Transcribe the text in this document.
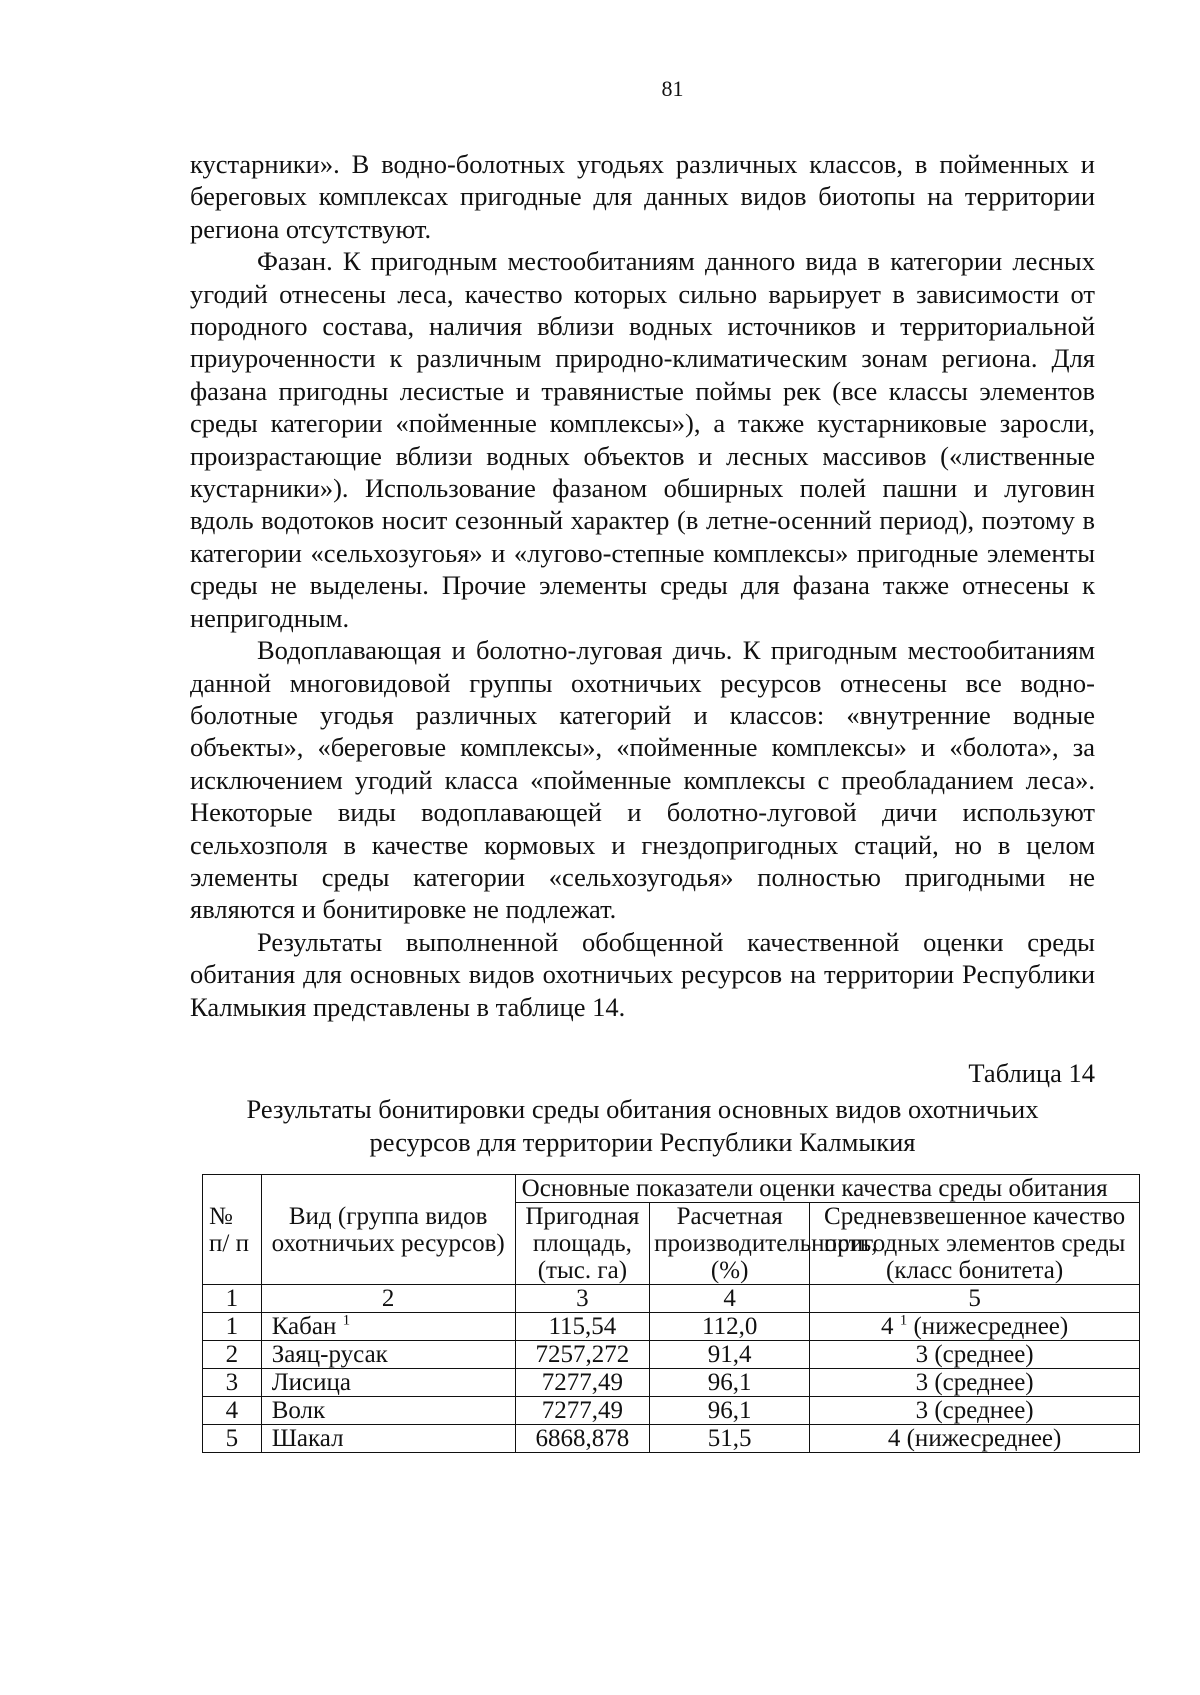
81

кустарники». В водно-болотных угодьях различных классов, в пойменных и береговых комплексах пригодные для данных видов биотопы на территории региона отсутствуют.

Фазан. К пригодным местообитаниям данного вида в категории лесных угодий отнесены леса, качество которых сильно варьирует в зависимости от породного состава, наличия вблизи водных источников и территориальной приуроченности к различным природно-климатическим зонам региона. Для фазана пригодны лесистые и травянистые поймы рек (все классы элементов среды категории «пойменные комплексы»), а также кустарниковые заросли, произрастающие вблизи водных объектов и лесных массивов («лиственные кустарники»). Использование фазаном обширных полей пашни и луговин вдоль водотоков носит сезонный характер (в летне-осенний период), поэтому в категории «сельхозугоья» и «лугово-степные комплексы» пригодные элементы среды не выделены. Прочие элементы среды для фазана также отнесены к непригодным.

Водоплавающая и болотно-луговая дичь. К пригодным местообитаниям данной многовидовой группы охотничьих ресурсов отнесены все водно-болотные угодья различных категорий и классов: «внутренние водные объекты», «береговые комплексы», «пойменные комплексы» и «болота», за исключением угодий класса «пойменные комплексы с преобладанием леса». Некоторые виды водоплавающей и болотно-луговой дичи используют сельхозполя в качестве кормовых и гнездопригодных стаций, но в целом элементы среды категории «сельхозугодья» полностью пригодными не являются и бонитировке не подлежат.

Результаты выполненной обобщенной качественной оценки среды обитания для основных видов охотничьих ресурсов на территории Республики Калмыкия представлены в таблице 14.

Таблица 14
Результаты бонитировки среды обитания основных видов охотничьих
ресурсов для территории Республики Калмыкия
№ п/ п	Вид (группа видов охотничьих ресурсов)	Основные показатели оценки качества среды обитания		
		Пригодная площадь, (тыс. га)	Расчетная производительность, (%)	Средневзвешенное качество пригодных элементов среды (класс бонитета)
1	2	3	4	5
1	Кабан $^1$	115,54	112,0	4 $^1$ (нижесреднее)
2	Заяц-русак	7257,272	91,4	3 (среднее)
3	Лисица	7277,49	96,1	3 (среднее)
4	Волк	7277,49	96,1	3 (среднее)
5	Шакал	6868,878	51,5	4 (нижесреднее)
